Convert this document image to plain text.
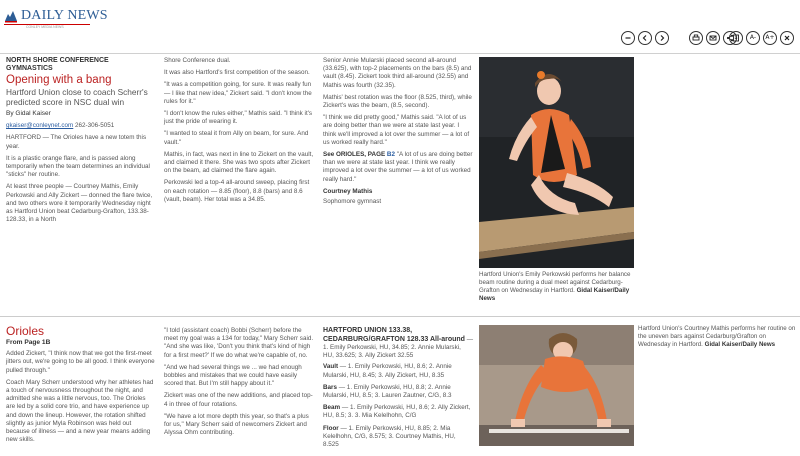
DAILY NEWS
CONLEY MEDIA NEWS
A-	A+
NORTH SHORE CONFERENCE GYMNASTICS
Opening with a bang
Hartford Union close to coach Scherr's predicted score in NSC dual win
By Gidal Kaiser

gkaiser@conleynet.com 262-306-5051

HARTFORD — The Orioles have a new totem this year.

It is a plastic orange flare, and is passed along temporarily when the team determines an individual "sticks" her routine.

At least three people — Courtney Mathis, Emily Perkowski and Ally Zickert — donned the flare twice, and two others wore it temporarily Wednesday night as Hartford Union beat Cedarburg-Grafton, 133.38-128.33, in a North

Shore Conference dual.

It was also Hartford's first competition of the season.

"It was a competition going, for sure. It was really fun — I like that new idea," Zickert said. "I don't know the rules for it."

"I don't know the rules either," Mathis said. "I think it's just the pride of wearing it.

"I wanted to steal it from Ally on beam, for sure. And vault."

Mathis, in fact, was next in line to Zickert on the vault, and claimed it there. She was two spots after Zickert on the beam, ad claimed the flare again.

Perkowski led a top-4 all-around sweep, placing first on each rotation — 8.85 (floor), 8.8 (bars) and 8.6 (vault, beam). Her total was a 34.85.

Senior Annie Mularski placed second all-around (33.625), with top-2 placements on the bars (8.5) and vault (8.45). Zickert took third all-around (32.55) and Mathis was fourth (32.35).

Mathis' best rotation was the floor (8.525, third), while Zickert's was the beam, (8.5, second).

"I think we did pretty good," Mathis said. "A lot of us are doing better than we were at state last year. I think we'll improved a lot over the summer — a lot of us worked really hard."

See ORIOLES, PAGE B2 "A lot of us are doing better than we were at state last year. I think we really improved a lot over the summer — a lot of us worked really hard."

Courtney Mathis

Sophomore gymnast

Hartford Union's Emily Perkowski performs her balance beam routine during a dual meet against Cedarburg-Grafton on Wednesday in Hartford. Gidal Kaiser/Daily News
Orioles
From Page 1B

Added Zickert, "I think now that we got the first-meet jitters out, we're going to be all good. I think everyone pulled through."

Coach Mary Scherr understood why her athletes had a touch of nervousness throughout the night, and admitted she was a little nervous, too. The Orioles are led by a solid core trio, and have experience up and down the lineup. However, the rotation shifted slightly as junior Myla Robinson was held out because of illness — and a new year means adding new skills.

"I told (assistant coach) Bobbi (Scherr) before the meet my goal was a 134 for today," Mary Scherr said. "And she was like, 'Don't you think that's kind of high for a first meet?' If we do what we're capable of, no.

"And we had several things we ... we had enough bobbles and mistakes that we could have easily scored that. But I'm still happy about it."

Zickert was one of the new additions, and placed top-4 in three of four rotations.

"We have a lot more depth this year, so that's a plus for us," Mary Scherr said of newcomers Zickert and Alyssa Ohm contributing.

HARTFORD UNION 133.38, CEDARBURG/GRAFTON 128.33 All-around — 1. Emily Perkowski, HU, 34.85; 2. Annie Mularski, HU, 33.625; 3. Ally Zickert 32.55

Vault — 1. Emily Perkowski, HU, 8.6; 2. Annie Mularski, HU, 8.45; 3. Ally Zickert, HU, 8.35

Bars — 1. Emily Perkowski, HU, 8.8; 2. Annie Mularski, HU, 8.5; 3. Lauren Zautner, C/G, 8.3

Beam — 1. Emily Perkowski, HU, 8.6; 2. Ally Zickert, HU, 8.5; 3. 3. Mia Kelelhohn, C/G

Floor — 1. Emily Perkowski, HU, 8.85; 2. Mia Kelelhohn, C/G, 8.575; 3. Courtney Mathis, HU, 8.525

Hartford Union's Courtney Mathis performs her routine on the uneven bars against Cedarburg/Grafton on Wednesday in Hartford. Gidal Kaiser/Daily News
